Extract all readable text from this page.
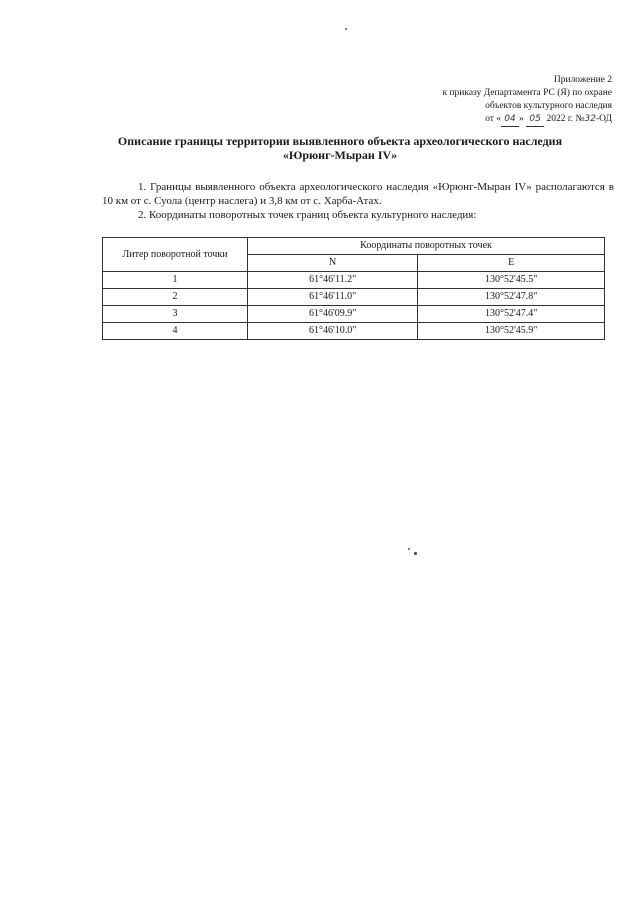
Приложение 2
к приказу Департамента РС (Я) по охране
объектов культурного наследия
от « 04 » 05 2022 г. №32-ОД
Описание границы территории выявленного объекта археологического наследия
«Юрюнг-Мыран IV»

1. Границы выявленного объекта археологического наследия «Юрюнг-Мыран IV» располагаются в 10 км от с. Суола (центр наслега) и 3,8 км от с. Харба-Атах.

2. Координаты поворотных точек границ объекта культурного наследия:

Литер поворотной точки	Координаты поворотных точек	
	N	E
1	61°46'11.2"	130°52'45.5"
2	61°46'11.0"	130°52'47.8"
3	61°46'09.9"	130°52'47.4"
4	61°46'10.0"	130°52'45.9"
